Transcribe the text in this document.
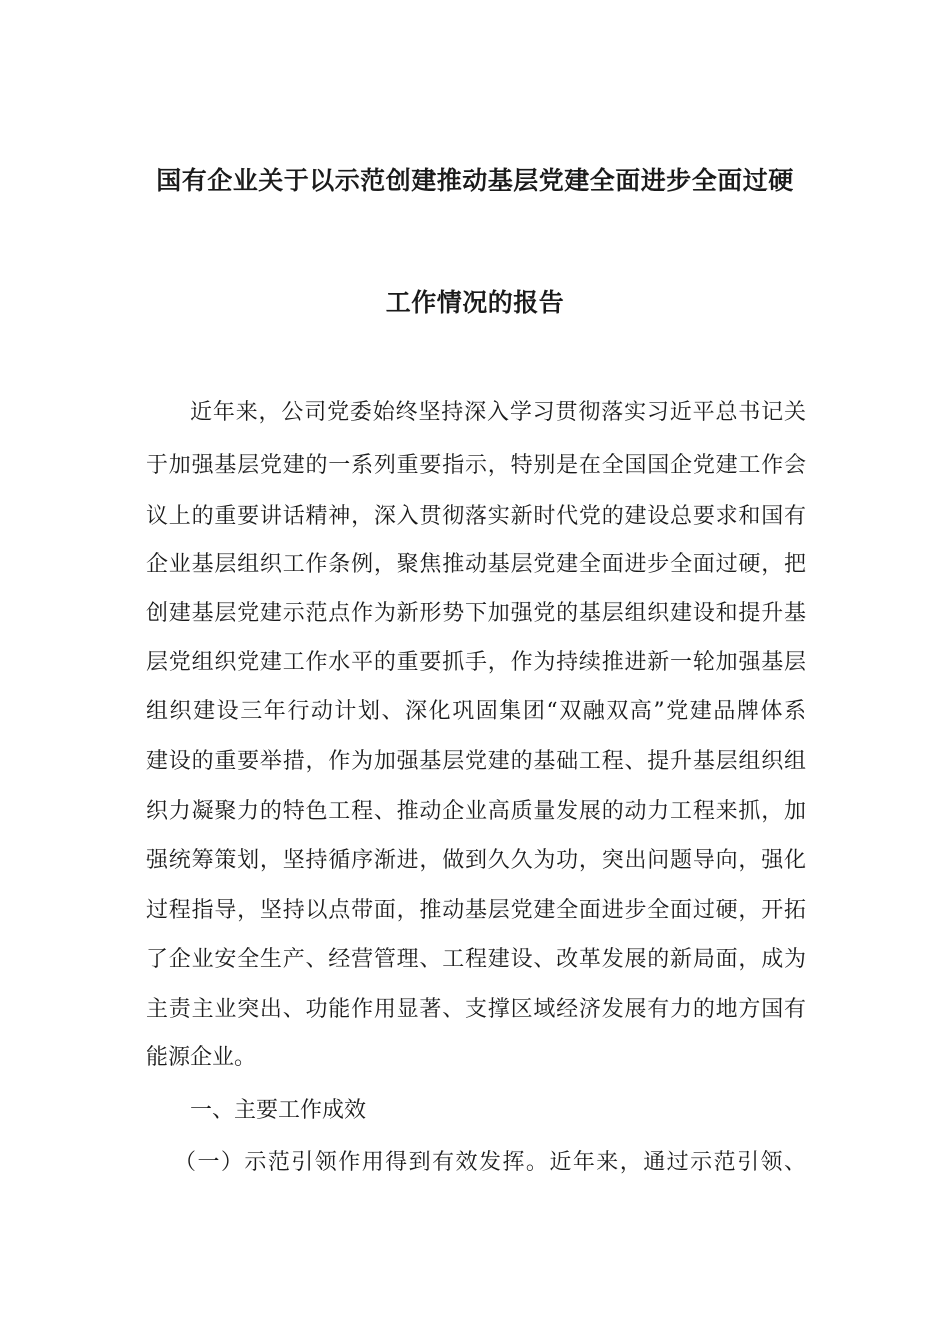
国有企业关于以示范创建推动基层党建全面进步全面过硬
工作情况的报告
近年来，公司党委始终坚持深入学习贯彻落实习近平总书记关
于加强基层党建的一系列重要指示，特别是在全国国企党建工作会
议上的重要讲话精神，深入贯彻落实新时代党的建设总要求和国有
企业基层组织工作条例，聚焦推动基层党建全面进步全面过硬，把
创建基层党建示范点作为新形势下加强党的基层组织建设和提升基
层党组织党建工作水平的重要抓手，作为持续推进新一轮加强基层
组织建设三年行动计划、深化巩固集团“双融双高”党建品牌体系
建设的重要举措，作为加强基层党建的基础工程、提升基层组织组
织力凝聚力的特色工程、推动企业高质量发展的动力工程来抓，加
强统筹策划，坚持循序渐进，做到久久为功，突出问题导向，强化
过程指导，坚持以点带面，推动基层党建全面进步全面过硬，开拓
了企业安全生产、经营管理、工程建设、改革发展的新局面，成为
主责主业突出、功能作用显著、支撑区域经济发展有力的地方国有
能源企业。
一、主要工作成效
（一）示范引领作用得到有效发挥。近年来，通过示范引领、
